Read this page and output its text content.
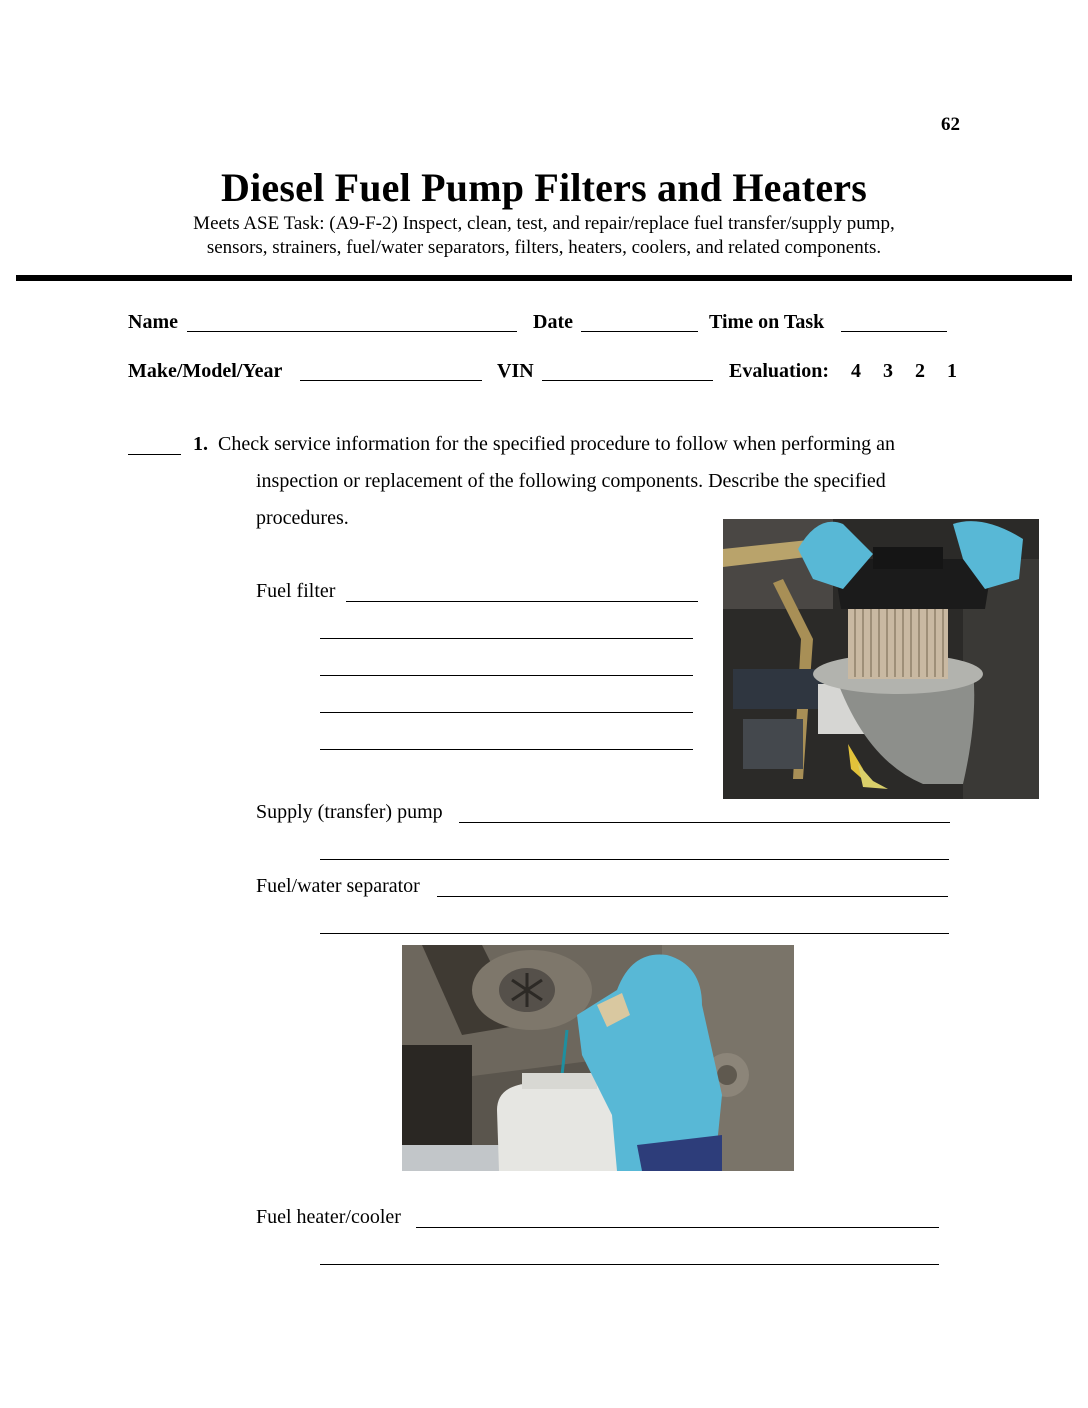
62
Diesel Fuel Pump Filters and Heaters
Meets ASE Task: (A9-F-2) Inspect, clean, test, and repair/replace fuel transfer/supply pump,
sensors, strainers, fuel/water separators, filters, heaters, coolers, and related components.
Name	Date	Time on Task
Make/Model/Year	VIN	Evaluation: 4 3 2 1
1. Check service information for the specified procedure to follow when performing an
inspection or replacement of the following components. Describe the specified
procedures.
Fuel filter
Supply (transfer) pump
Fuel/water separator
Fuel heater/cooler
